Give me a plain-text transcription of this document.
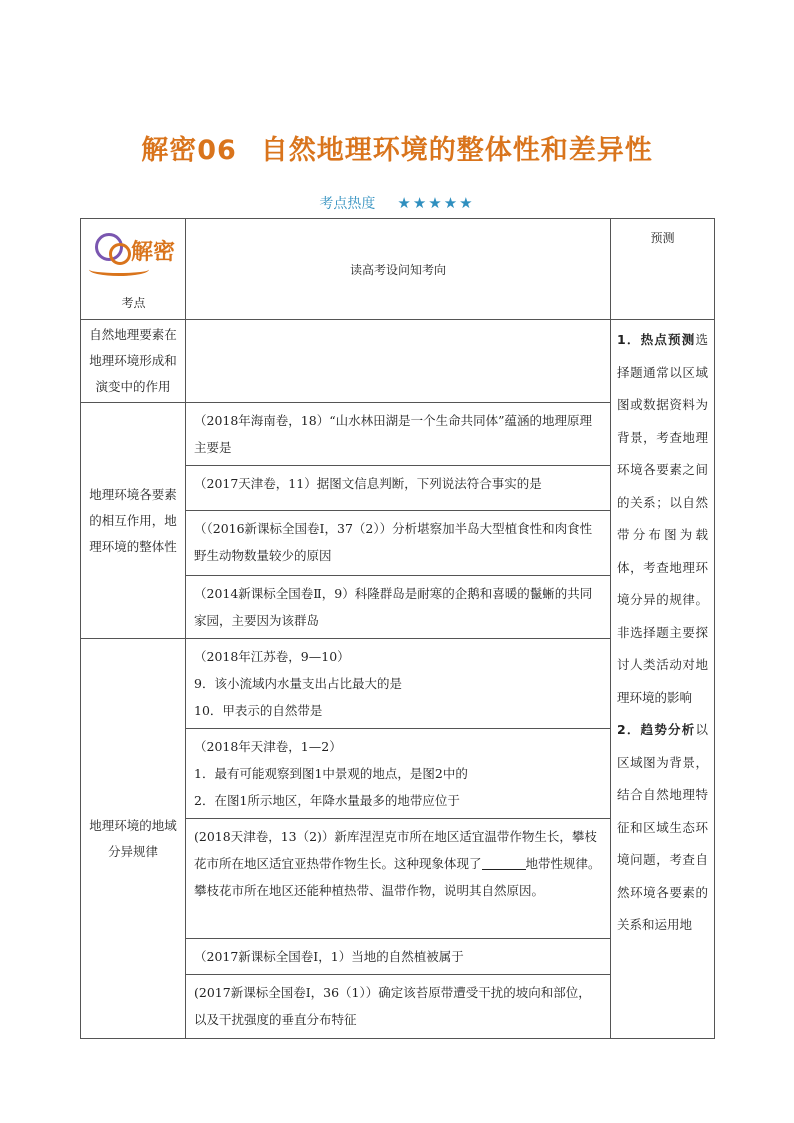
解密06 自然地理环境的整体性和差异性
考点热度 ★★★★★
解密
考点	读高考设问知考向	预测
自然地理要素在地理环境形成和演变中的作用		1．热点预测选择题通常以区域图或数据资料为背景，考查地理环境各要素之间的关系；以自然带分布图为载体，考查地理环境分异的规律。非选择题主要探讨人类活动对地理环境的影响
2．趋势分析以区域图为背景，结合自然地理特征和区域生态环境问题，考查自然环境各要素的关系和运用地
地理环境各要素的相互作用，地理环境的整体性	（2018年海南卷，18）“山水林田湖是一个生命共同体”蕴涵的地理原理主要是	
	（2017天津卷，11）据图文信息判断，下列说法符合事实的是	
	（（2016新课标全国卷Ⅰ，37（2））分析堪察加半岛大型植食性和肉食性野生动物数量较少的原因	
	（2014新课标全国卷Ⅱ，9）科隆群岛是耐寒的企鹅和喜暖的鬣蜥的共同家园，主要因为该群岛	
地理环境的地域分异规律	（2018年江苏卷，9—10）
9．该小流域内水量支出占比最大的是
10．甲表示的自然带是	

	（2018年天津卷，1—2）
1．最有可能观察到图1中景观的地点，是图2中的
2．在图1所示地区，年降水量最多的地带应位于	

	(2018天津卷，13（2)）新库涅涅克市所在地区适宜温带作物生长，攀枝花市所在地区适宜亚热带作物生长。这种现象体现了 地带性规律。攀枝花市所在地区还能种植热带、温带作物，说明其自然原因。	
	（2017新课标全国卷Ⅰ，1）当地的自然植被属于	
	(2017新课标全国卷Ⅰ，36（1））确定该苔原带遭受干扰的坡向和部位，以及干扰强度的垂直分布特征	
